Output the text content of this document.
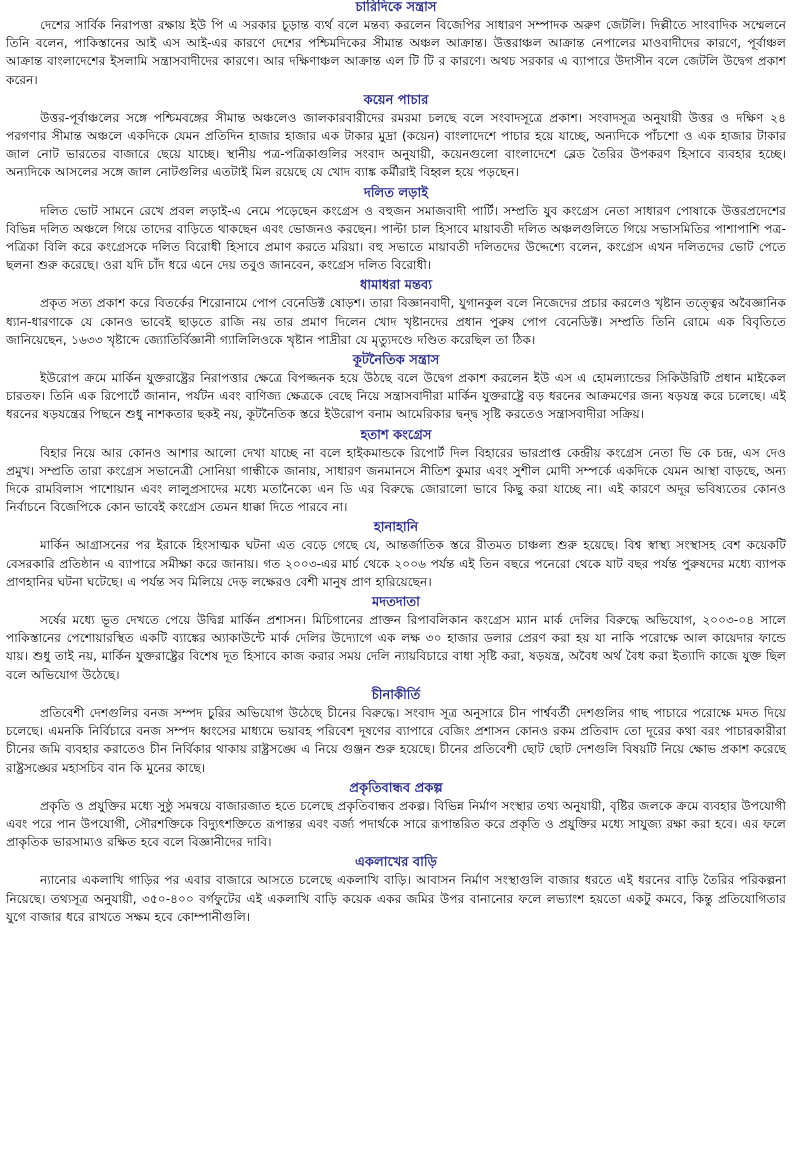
চারিদিকে সন্ত্রাস

দেশের সার্বিক নিরাপত্তা রক্ষায় ইউ পি এ সরকার চূড়ান্ত ব্যর্থ বলে মন্তব্য করলেন বিজেপির সাধারণ সম্পাদক অরুণ জেটলি। দিল্লীতে সাংবাদিক সম্মেলনে তিনি বলেন, পাকিস্তানের আই এস আই-এর কারণে দেশের পশ্চিমদিকের সীমান্ত অঞ্চল আক্রান্ত। উত্তরাঞ্চল আক্রান্ত নেপালের মাওবাদীদের কারণে, পূর্বাঞ্চল আক্রান্ত বাংলাদেশের ইসলামি সন্ত্রাসবাদীদের কারণে। আর দক্ষিণাঞ্চল আক্রান্ত এল টি টি র কারণে। অথচ সরকার এ ব্যাপারে উদাসীন বলে জেটলি উদ্বেগ প্রকাশ করেন।

কয়েন পাচার

উত্তর-পূর্বাঞ্চলের সঙ্গে পশ্চিমবঙ্গের সীমান্ত অঞ্চলেও জালকারবারীদের রমরমা চলছে বলে সংবাদসূত্রে প্রকাশ। সংবাদসূত্র অনুযায়ী উত্তর ও দক্ষিণ ২৪ পরগণার সীমান্ত অঞ্চলে একদিকে যেমন প্রতিদিন হাজার হাজার এক টাকার মুদ্রা (কয়েন) বাংলাদেশে পাচার হয়ে যাচ্ছে, অন্যদিকে পাঁচশো ও এক হাজার টাকার জাল নোট ভারতের বাজারে ছেয়ে যাচ্ছে। স্থানীয় পত্র-পত্রিকাগুলির সংবাদ অনুযায়ী, কয়েনগুলো বাংলাদেশে ব্লেড তৈরির উপকরণ হিসাবে ব্যবহার হচ্ছে। অন্যদিকে আসলের সঙ্গে জাল নোটগুলির এতটাই মিল রয়েছে যে খোদ ব্যাঙ্ক কর্মীরাই বিহ্বল হয়ে পড়ছেন।

দলিত লড়াই

দলিত ভোট সামনে রেখে প্রবল লড়াই-এ নেমে পড়েছেন কংগ্রেস ও বহুজন সমাজবাদী পার্টি। সম্প্রতি যুব কংগ্রেস নেতা সাধারণ পোষাকে উত্তরপ্রদেশের বিভিন্ন দলিত অঞ্চলে গিয়ে তাদের বাড়িতে থাকছেন এবং ভোজনও করছেন। পাল্টা চাল হিসাবে মায়াবতী দলিত অঞ্চলগুলিতে গিয়ে সভাসমিতির পাশাপাশি পত্র-পত্রিকা বিলি করে কংগ্রেসকে দলিত বিরোধী হিসাবে প্রমাণ করতে মরিয়া। বহু সভাতে মায়াবতী দলিতদের উদ্দেশ্যে বলেন, কংগ্রেস এখন দলিতদের ভোট পেতে ছলনা শুরু করেছে। ওরা যদি চাঁদ ধরে এনে দেয় তবুও জানবেন, কংগ্রেস দলিত বিরোধী।

ধামাধরা মন্তব্য

প্রকৃত সত্য প্রকাশ করে বিতর্কের শিরোনামে পোপ বেনেডিক্ট ষোড়শ। তারা বিজ্ঞানবাদী, যুগানকুল বলে নিজেদের প্রচার করলেও খৃষ্টান তত্ত্বের অবৈজ্ঞানিক ধ্যান-ধারণাকে যে কোনও ভাবেই ছাড়তে রাজি নয় তার প্রমাণ দিলেন খোদ খৃষ্টানদের প্রধান পুরুষ পোপ বেনেডিক্ট। সম্প্রতি তিনি রোমে এক বিবৃতিতে জানিয়েছেন, ১৬৩৩ খৃষ্টাব্দে জ্যোতির্বিজ্ঞানী গ্যালিলিওকে খৃষ্টান পাদ্রীরা যে মৃত্যুদণ্ডে দণ্ডিত করেছিল তা ঠিক।

কূটনৈতিক সন্ত্রাস

ইউরোপ ক্রমে মার্কিন যুক্তরাষ্ট্রের নিরাপত্তার ক্ষেত্রে বিপজ্জনক হয়ে উঠছে বলে উদ্বেগ প্রকাশ করলেন ইউ এস এ হোমল্যান্ডের সিকিউরিটি প্রধান মাইকেল চারতফ। তিনি এক রিপোর্টে জানান, পর্যটন এবং বাণিজ্য ক্ষেত্রকে বেছে নিয়ে সন্ত্রাসবাদীরা মার্কিন যুক্তরাষ্ট্রে বড় ধরনের আক্রমণের জন্য ষড়যন্ত্র করে চলেছে। এই ধরনের ষড়যন্ত্রের পিছনে শুধু নাশকতার ছকই নয়, কূটনৈতিক স্তরে ইউরোপ বনাম আমেরিকার দ্বন্দ্ব সৃষ্টি করতেও সন্ত্রাসবাদীরা সক্রিয়।

হতাশ কংগ্রেস

বিহার নিয়ে আর কোনও আশার আলো দেখা যাচ্ছে না বলে হাইকমান্ডকে রিপোর্ট দিল বিহারের ভারপ্রাপ্ত কেন্দ্রীয় কংগ্রেস নেতা ভি কে চন্দ্র, এস দেও প্রমুখ। সম্প্রতি তারা কংগ্রেস সভানেত্রী সোনিয়া গান্ধীকে জানায়, সাধারণ জনমানসে নীতিশ কুমার এবং সুশীল মোদী সম্পর্কে একদিকে যেমন আস্থা বাড়ছে, অন্য দিকে রামবিলাস পাশোয়ান এবং লালুপ্রসাদের মধ্যে মতানৈক্যে এন ডি এর বিরুদ্ধে জোরালো ভাবে কিছু করা যাচ্ছে না। এই কারণে অদূর ভবিষ্যতের কোনও নির্বাচনে বিজেপিকে কোন ভাবেই কংগ্রেস তেমন ধাক্কা দিতে পারবে না।

হানাহানি

মার্কিন আগ্রাসনের পর ইরাকে হিংসাত্মক ঘটনা এত বেড়ে গেছে যে, আন্তর্জাতিক স্তরে রীতমত চাঞ্চল্য শুরু হয়েছে। বিশ্ব স্বাস্থ্য সংস্থাসহ বেশ কয়েকটি বেসরকারি প্রতিষ্ঠান এ ব্যাপারে সমীক্ষা করে জানায়। গত ২০০৩-এর মার্চ থেকে ২০০৬ পর্যন্ত এই তিন বছরে পনেরো থেকে যাট বছর পর্যন্ত পুরুষদের মধ্যে ব্যাপক প্রাণহানির ঘটনা ঘটেছে। এ পর্যন্ত সব মিলিয়ে দেড় লক্ষেরও বেশী মানুষ প্রাণ হারিয়েছেন।

মদতদাতা

সর্ষের মধ্যে ভূত দেখতে পেয়ে উদ্বিগ্ন মার্কিন প্রশাসন। মিচিগানের প্রাক্তন রিপাবলিকান কংগ্রেস ম্যান মার্ক দেলির বিরুদ্ধে অভিযোগ, ২০০৩-০৪ সালে পাকিস্তানের পেশোয়ারস্থিত একটি ব্যাঙ্কের অ্যাকাউন্টে মার্ক দেলির উদ্যোগে এক লক্ষ ৩০ হাজার ডলার প্রেরণ করা হয় যা নাকি পরোক্ষে আল কায়েদার ফান্ডে যায়। শুধু তাই নয়, মার্কিন যুক্তরাষ্ট্রের বিশেষ দূত হিসাবে কাজ করার সময় দেলি ন্যায়বিচারে বাধা সৃষ্টি করা, ষড়যন্ত্র, অবৈধ অর্থ বৈধ করা ইত্যাদি কাজে যুক্ত ছিল বলে অভিযোগ উঠেছে।

চীনাকীর্তি

প্রতিবেশী দেশগুলির বনজ সম্পদ চুরির অভিযোগ উঠেছে চীনের বিরুদ্ধে। সংবাদ সূত্র অনুসারে চীন পার্শ্ববর্তী দেশগুলির গাছ পাচারে পরোক্ষে মদত দিয়ে চলেছে। এমনকি নির্বিচারে বনজ সম্পদ ধ্বংসের মাধ্যমে ভয়াবহ পরিবেশ দূষণের ব্যাপারে বেজিং প্রশাসন কোনও রকম প্রতিবাদ তো দূরের কথা বরং পাচারকারীরা চীনের জমি ব্যবহার করাতেও চীন নির্বিকার থাকায় রাষ্ট্রসঙ্ঘে এ নিয়ে গুঞ্জন শুরু হয়েছে। চীনের প্রতিবেশী ছোট ছোট দেশগুলি বিষয়টি নিয়ে ক্ষোভ প্রকাশ করেছে রাষ্ট্রসঙ্ঘের মহাসচিব বান কি মুনের কাছে।

প্রকৃতিবান্ধব প্রকল্প

প্রকৃতি ও প্রযুক্তির মধ্যে সুষ্ঠু সমন্বয়ে বাজারজাত হতে চলেছে প্রকৃতিবান্ধব প্রকল্প। বিভিন্ন নির্মাণ সংস্থার তথ্য অনুযায়ী, বৃষ্টির জলকে ক্রমে ব্যবহার উপযোগী এবং পরে পান উপযোগী, সৌরশক্তিকে বিদ্যুৎশক্তিতে রূপান্তর এবং বর্জ্য পদার্থকে সারে রূপান্তরিত করে প্রকৃতি ও প্রযুক্তির মধ্যে সাযুজ্য রক্ষা করা হবে। এর ফলে প্রাকৃতিক ভারসাম্যও রক্ষিত হবে বলে বিজ্ঞানীদের দাবি।

একলাখের বাড়ি

ন্যানোর একলাখি গাড়ির পর এবার বাজারে আসতে চলেছে একলাখি বাড়ি। আবাসন নির্মাণ সংস্থাগুলি বাজার ধরতে এই ধরনের বাড়ি তৈরির পরিকল্পনা নিয়েছে। তথ্যসূত্র অনুযায়ী, ৩৫০-৪০০ বর্গফুটের এই একলাখি বাড়ি কয়েক একর জমির উপর বানানোর ফলে লভ্যাংশ হয়তো একটু কমবে, কিন্তু প্রতিযোগিতার যুগে বাজার ধরে রাখতে সক্ষম হবে কোম্পানীগুলি।
